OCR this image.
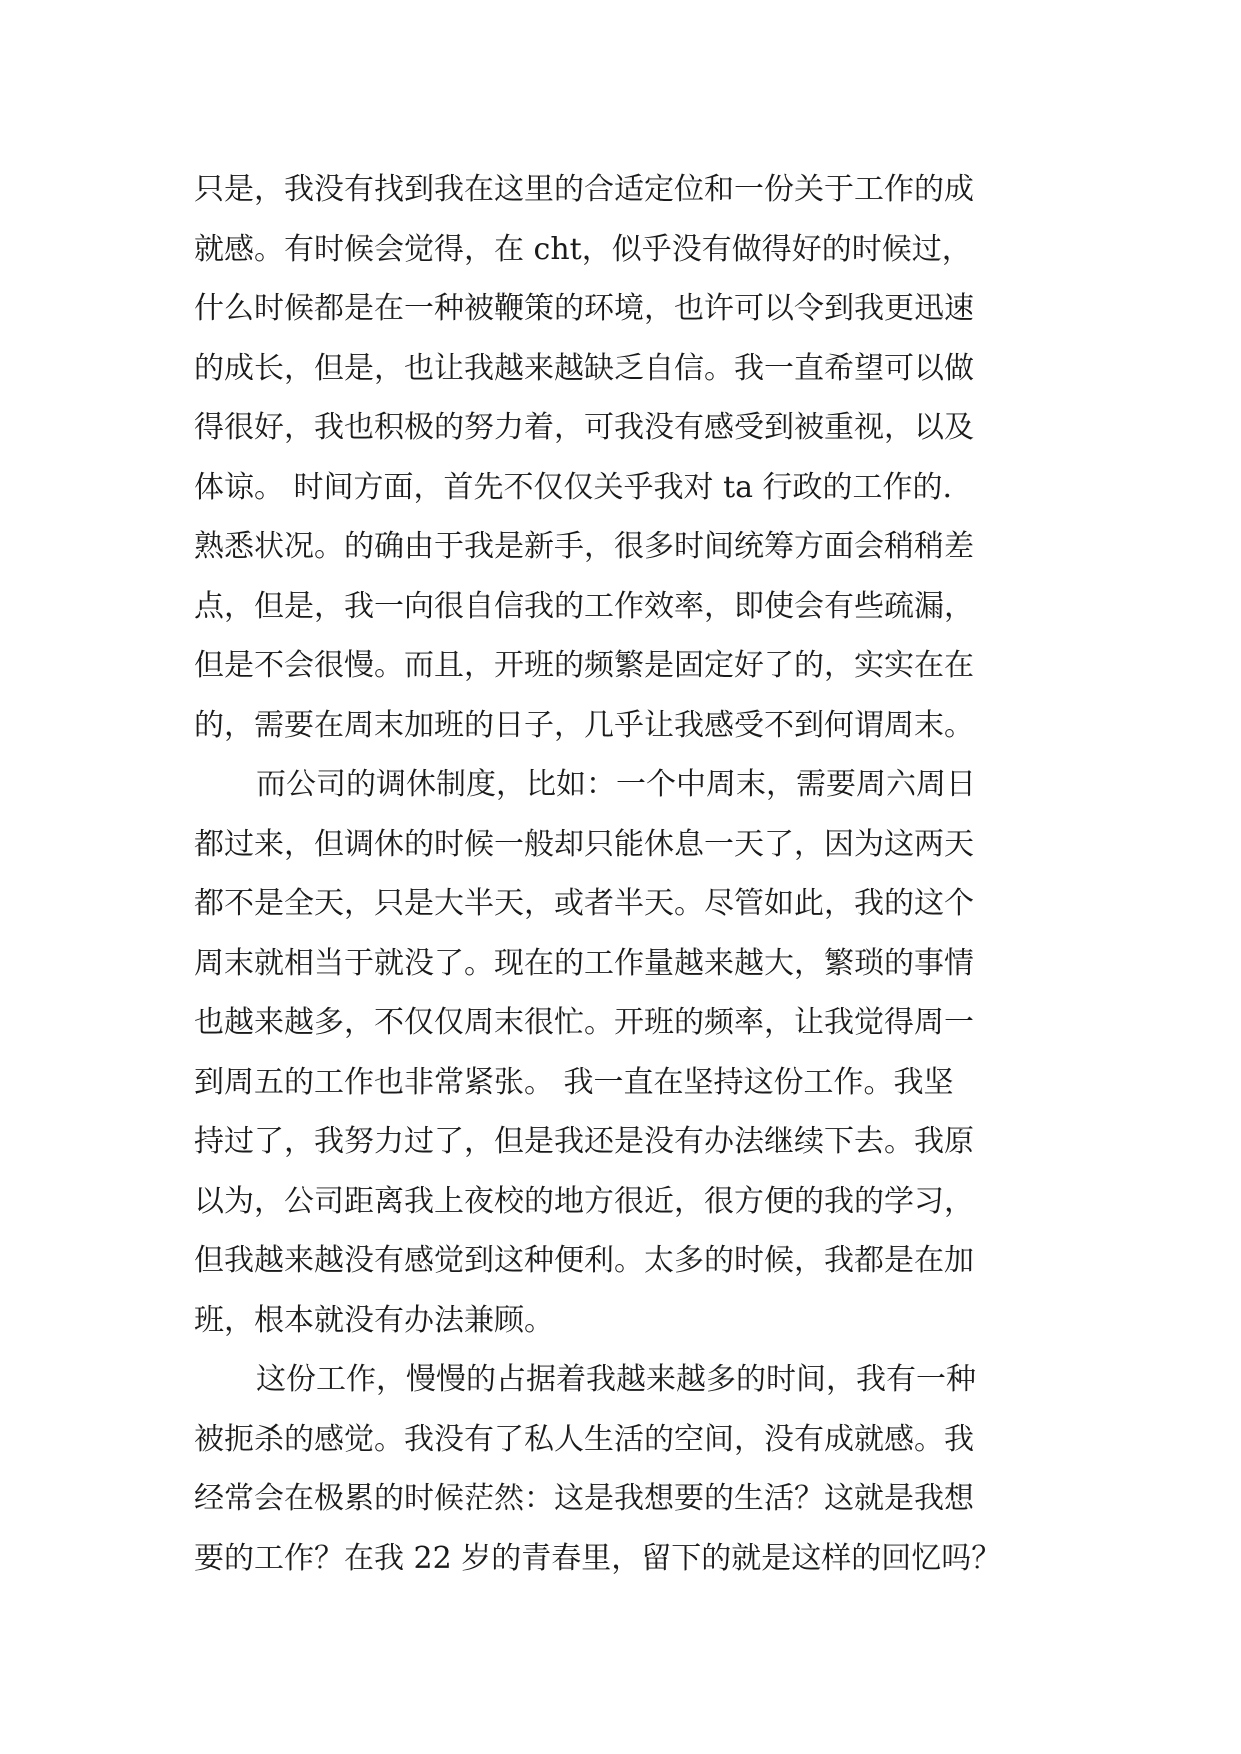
只是，我没有找到我在这里的合适定位和一份关于工作的成
就感。有时候会觉得，在 cht，似乎没有做得好的时候过，
什么时候都是在一种被鞭策的环境，也许可以令到我更迅速
的成长，但是，也让我越来越缺乏自信。我一直希望可以做
得很好，我也积极的努力着，可我没有感受到被重视，以及
体谅。 时间方面，首先不仅仅关乎我对 ta 行政的工作的.
熟悉状况。的确由于我是新手，很多时间统筹方面会稍稍差
点，但是，我一向很自信我的工作效率，即使会有些疏漏，
但是不会很慢。而且，开班的频繁是固定好了的，实实在在
的，需要在周末加班的日子，几乎让我感受不到何谓周末。
而公司的调休制度，比如：一个中周末，需要周六周日
都过来，但调休的时候一般却只能休息一天了，因为这两天
都不是全天，只是大半天，或者半天。尽管如此，我的这个
周末就相当于就没了。现在的工作量越来越大，繁琐的事情
也越来越多，不仅仅周末很忙。开班的频率，让我觉得周一
到周五的工作也非常紧张。 我一直在坚持这份工作。我坚
持过了，我努力过了，但是我还是没有办法继续下去。我原
以为，公司距离我上夜校的地方很近，很方便的我的学习，
但我越来越没有感觉到这种便利。太多的时候，我都是在加
班，根本就没有办法兼顾。
这份工作，慢慢的占据着我越来越多的时间，我有一种
被扼杀的感觉。我没有了私人生活的空间，没有成就感。我
经常会在极累的时候茫然：这是我想要的生活？这就是我想
要的工作？在我 22 岁的青春里，留下的就是这样的回忆吗？
